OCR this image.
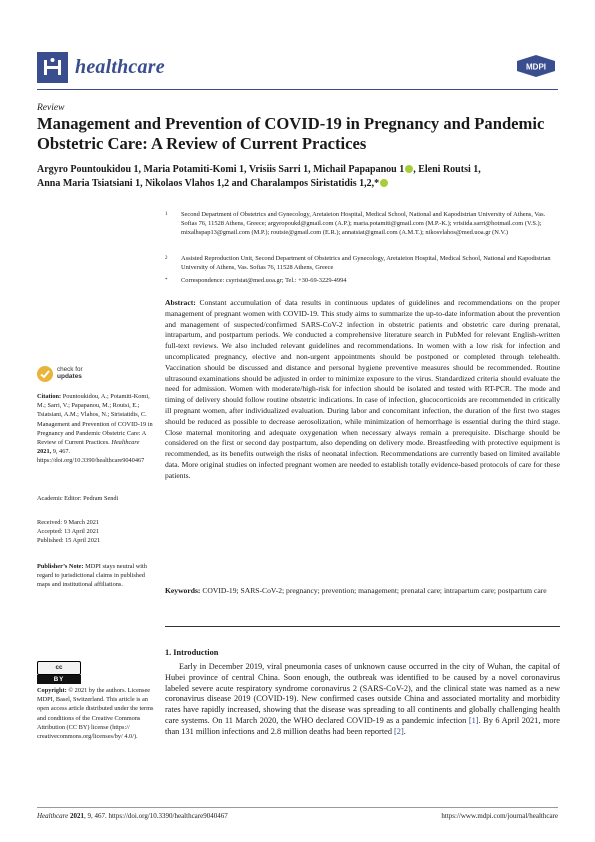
healthcare	MDPI
Review
Management and Prevention of COVID-19 in Pregnancy and Pandemic Obstetric Care: A Review of Current Practices
Argyro Pountoukidou 1, Maria Potamiti-Komi 1, Vrisiis Sarri 1, Michail Papapanou 1 , Eleni Routsi 1,
Anna Maria Tsiatsiani 1, Nikolaos Vlahos 1,2 and Charalampos Siristatidis 1,2,*
1	Second Department of Obstetrics and Gynecology, Aretaieion Hospital, Medical School, National and Kapodistrian University of Athens, Vas. Sofias 76, 11528 Athens, Greece; argyropoukd@gmail.com (A.P.); maria.potamiti@gmail.com (M.P.-K.); vrisiida.sarri@hotmail.com (V.S.); mixalhspap13@gmail.com (M.P.); routsie@gmail.com (E.R.); annatsiat@gmail.com (A.M.T.); nikosvlahos@med.uoa.gr (N.V.)
2	Assisted Reproduction Unit, Second Department of Obstetrics and Gynecology, Aretaieion Hospital, Medical School, National and Kapodistrian University of Athens, Vas. Sofias 76, 11528 Athens, Greece
*	Correspondence: csyristat@med.uoa.gr; Tel.: +30-69-3229-4994
Abstract: Constant accumulation of data results in continuous updates of guidelines and recommendations on the proper management of pregnant women with COVID-19. This study aims to summarize the up-to-date information about the prevention and management of suspected/confirmed SARS-CoV-2 infection in obstetric patients and obstetric care during prenatal, intrapartum, and postpartum periods. We conducted a comprehensive literature search in PubMed for relevant English-written full-text reviews. We also included relevant guidelines and recommendations. In women with a low risk for infection and uncomplicated pregnancy, elective and non-urgent appointments should be postponed or completed through telehealth. Vaccination should be discussed and distance and personal hygiene preventive measures should be recommended. Routine ultrasound examinations should be adjusted in order to minimize exposure to the virus. Standardized criteria should evaluate the need for admission. Women with moderate/high-risk for infection should be isolated and tested with RT-PCR. The mode and timing of delivery should follow routine obstetric indications. In case of infection, glucocorticoids are recommended in critically ill pregnant women, after individualized evaluation. During labor and concomitant infection, the duration of the first two stages should be reduced as possible to decrease aerosolization, while minimization of hemorrhage is essential during the third stage. Close maternal monitoring and adequate oxygenation when necessary always remain a prerequisite. Discharge should be considered on the first or second day postpartum, also depending on delivery mode. Breastfeeding with protective equipment is recommended, as its benefits outweigh the risks of neonatal infection. Recommendations are currently based on limited available data. More original studies on infected pregnant women are needed to establish totally evidence-based protocols of care for these patients.
Keywords: COVID-19; SARS-CoV-2; pregnancy; prevention; management; prenatal care; intrapartum care; postpartum care
1. Introduction
Early in December 2019, viral pneumonia cases of unknown cause occurred in the city of Wuhan, the capital of Hubei province of central China. Soon enough, the outbreak was identified to be caused by a novel coronavirus labeled severe acute respiratory syndrome coronavirus 2 (SARS-CoV-2), and the clinical state was named as a new coronavirus disease 2019 (COVID-19). New confirmed cases outside China and associated mortality and morbidity rates have rapidly increased, showing that the disease was spreading to all continents and globally challenging health care systems. On 11 March 2020, the WHO declared COVID-19 as a pandemic infection [1]. By 6 April 2021, more than 131 million infections and 2.8 million deaths had been reported [2].
check for
updates
Citation: Pountoukidou, A.; Potamiti-Komi, M.; Sarri, V.; Papapanou, M.; Routsi, E.; Tsiatsiani, A.M.; Vlahos, N.; Siristatidis, C. Management and Prevention of COVID-19 in Pregnancy and Pandemic Obstetric Care: A Review of Current Practices. Healthcare 2021, 9, 467. https://doi.org/10.3390/healthcare9040467
Academic Editor: Pedram Sendi
Received: 9 March 2021
Accepted: 13 April 2021
Published: 15 April 2021
Publisher’s Note: MDPI stays neutral with regard to jurisdictional claims in published maps and institutional affiliations.
cc
BY
Copyright: © 2021 by the authors. Licensee MDPI, Basel, Switzerland. This article is an open access article distributed under the terms and conditions of the Creative Commons Attribution (CC BY) license (https:// creativecommons.org/licenses/by/ 4.0/).
Healthcare 2021, 9, 467. https://doi.org/10.3390/healthcare9040467	https://www.mdpi.com/journal/healthcare
